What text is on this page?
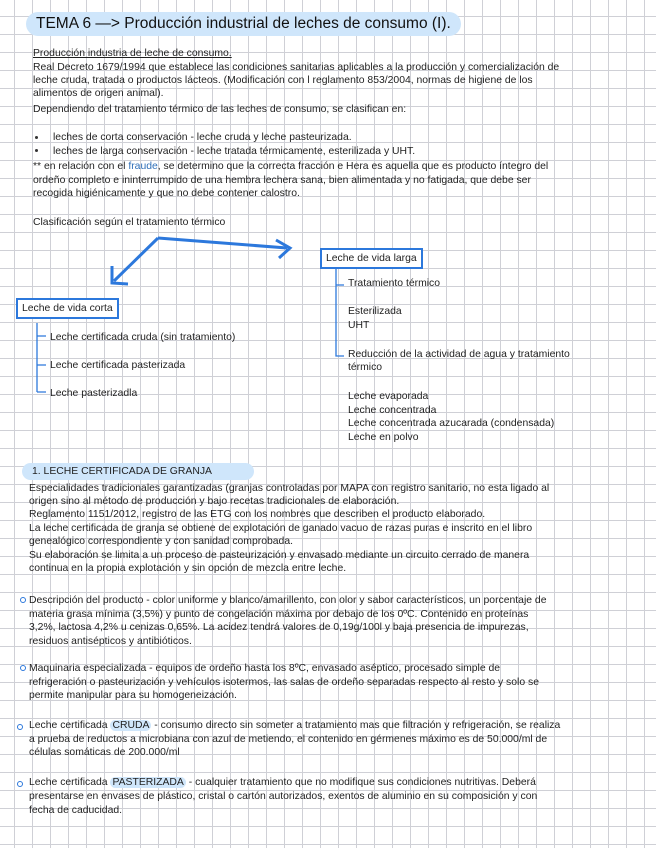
TEMA 6 —> Producción industrial de leches de consumo (I).
Producción industria de leche de consumo.
Real Decreto 1679/1994 que establece las condiciones sanitarias aplicables a la producción y comercialización de
leche cruda, tratada o productos lácteos. (Modificación con l reglamento 853/2004, normas de higiene de los
alimentos de origen animal).
Dependiendo del tratamiento térmico de las leches de consumo, se clasifican en:
leches de corta conservación - leche cruda y leche pasteurizada.
leches de larga conservación - leche tratada térmicamente, esterilizada y UHT.
** en relación con el fraude, se determino que la correcta fracción e Hera es aquella que es producto íntegro del
ordeño completo e ininterrumpido de una hembra lechera sana, bien alimentada y no fatigada, que debe ser
recogida higiénicamente y que no debe contener calostro.
Clasificación según el tratamiento térmico
Leche de vida larga
Leche de vida corta
Leche certificada cruda (sin tratamiento)
Leche certificada pasterizada
Leche pasterizadla
Tratamiento térmico
Esterilizada
UHT
Reducción de la actividad de agua y tratamiento
térmico
Leche evaporada
Leche concentrada
Leche concentrada azucarada (condensada)
Leche en polvo
1. LECHE CERTIFICADA DE GRANJA
Especialidades tradicionales garantizadas (granjas controladas por MAPA con registro sanitario, no esta ligado al
origen sino al método de producción y bajo recetas tradicionales de elaboración.
Reglamento 1151/2012, registro de las ETG con los nombres que describen el producto elaborado.
La leche certificada de granja se obtiene de explotación de ganado vacuo de razas puras e inscrito en el libro
genealógico correspondiente y con sanidad comprobada.
Su elaboración se limita a un proceso de pasteurización y envasado mediante un circuito cerrado de manera
continua en la propia explotación y sin opción de mezcla entre leche.
Descripción del producto - color uniforme y blanco/amarillento, con olor y sabor característicos, un porcentaje de
materia grasa mínima (3,5%) y punto de congelación máxima por debajo de los 0ºC. Contenido en proteínas
3,2%, lactosa 4,2% u cenizas 0,65%. La acidez tendrá valores de 0,19g/100l y baja presencia de impurezas,
residuos antisépticos y antibióticos.
Maquinaria especializada - equipos de ordeño hasta los 8ºC, envasado aséptico, procesado simple de
refrigeración o pasteurización y vehículos isotermos, las salas de ordeño separadas respecto al resto y solo se
permite manipular para su homogeneización.
Leche certificada CRUDA - consumo directo sin someter a tratamiento mas que filtración y refrigeración, se realiza
a prueba de reductos a microbiana con azul de metiendo, el contenido en gérmenes máximo es de 50.000/ml de
células somáticas de 200.000/ml
Leche certificada PASTERIZADA - cualquier tratamiento que no modifique sus condiciones nutritivas. Deberá
presentarse en envases de plástico, cristal o cartón autorizados, exentos de aluminio en su composición y con
fecha de caducidad.
